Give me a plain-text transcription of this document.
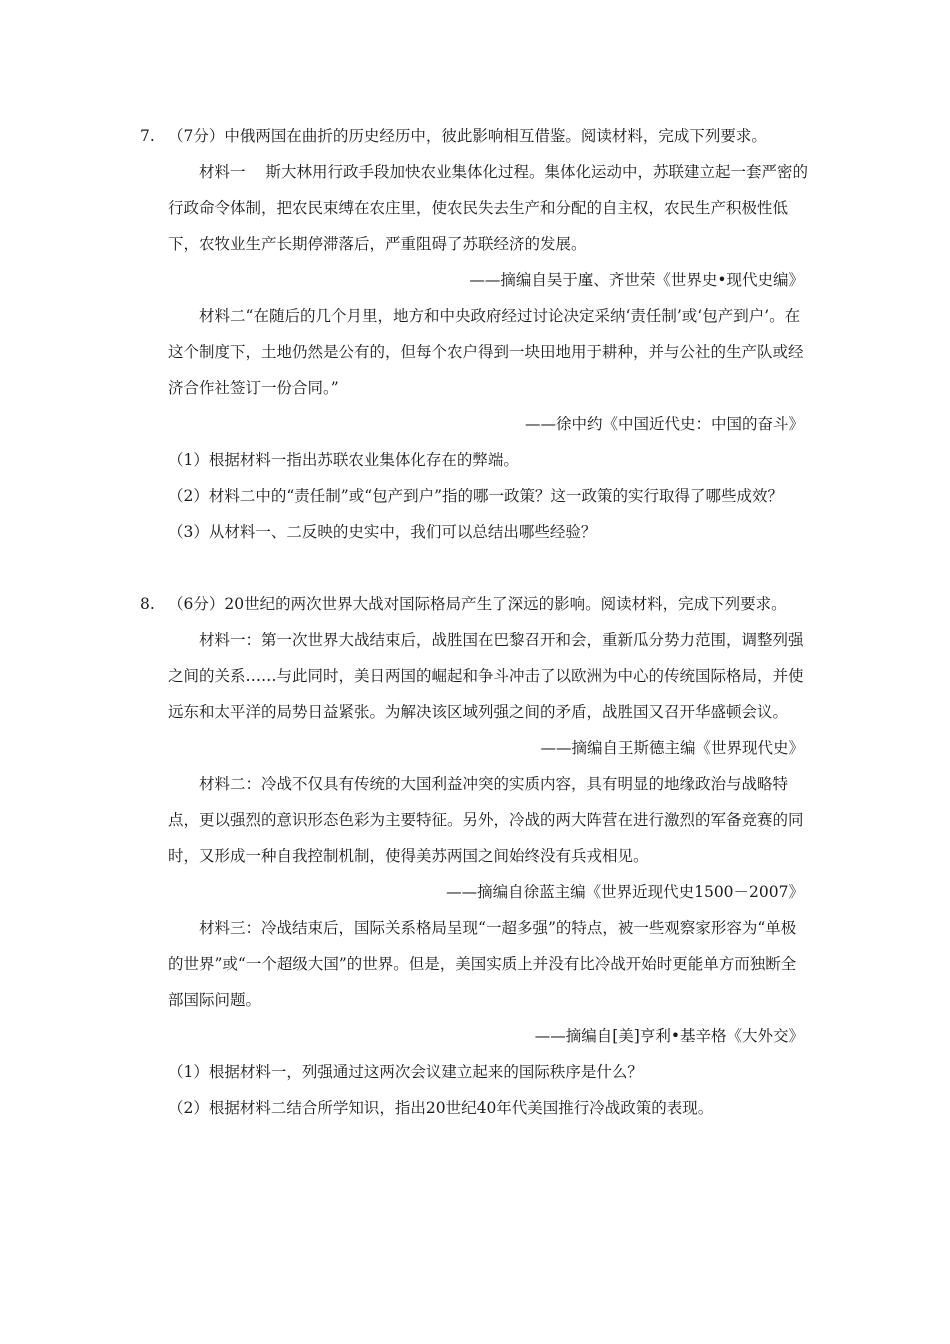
7. （7分）中俄两国在曲折的历史经历中，彼此影响相互借鉴。阅读材料，完成下列要求。

材料一 斯大林用行政手段加快农业集体化过程。集体化运动中，苏联建立起一套严密的行政命令体制，把农民束缚在农庄里，使农民失去生产和分配的自主权，农民生产积极性低下，农牧业生产长期停滞落后，严重阻碍了苏联经济的发展。

——摘编自吴于廑、齐世荣《世界史•现代史编》

材料二“在随后的几个月里，地方和中央政府经过讨论决定采纳‘责任制’或‘包产到户’。在这个制度下，土地仍然是公有的，但每个农户得到一块田地用于耕种，并与公社的生产队或经济合作社签订一份合同。”

——徐中约《中国近代史：中国的奋斗》

（1）根据材料一指出苏联农业集体化存在的弊端。

（2）材料二中的“责任制”或“包产到户”指的哪一政策？这一政策的实行取得了哪些成效？

（3）从材料一、二反映的史实中，我们可以总结出哪些经验？

8. （6分）20世纪的两次世界大战对国际格局产生了深远的影响。阅读材料，完成下列要求。

材料一：第一次世界大战结束后，战胜国在巴黎召开和会，重新瓜分势力范围，调整列强之间的关系……与此同时，美日两国的崛起和争斗冲击了以欧洲为中心的传统国际格局，并使远东和太平洋的局势日益紧张。为解决该区域列强之间的矛盾，战胜国又召开华盛顿会议。

——摘编自王斯德主编《世界现代史》

材料二：冷战不仅具有传统的大国利益冲突的实质内容，具有明显的地缘政治与战略特点，更以强烈的意识形态色彩为主要特征。另外，冷战的两大阵营在进行激烈的军备竞赛的同时，又形成一种自我控制机制，使得美苏两国之间始终没有兵戎相见。

——摘编自徐蓝主编《世界近现代史1500－2007》

材料三：冷战结束后，国际关系格局呈现“一超多强”的特点，被一些观察家形容为“单极的世界”或“一个超级大国”的世界。但是，美国实质上并没有比冷战开始时更能单方而独断全部国际问题。

——摘编自[美]亨利•基辛格《大外交》

（1）根据材料一，列强通过这两次会议建立起来的国际秩序是什么？

（2）根据材料二结合所学知识，指出20世纪40年代美国推行冷战政策的表现。
